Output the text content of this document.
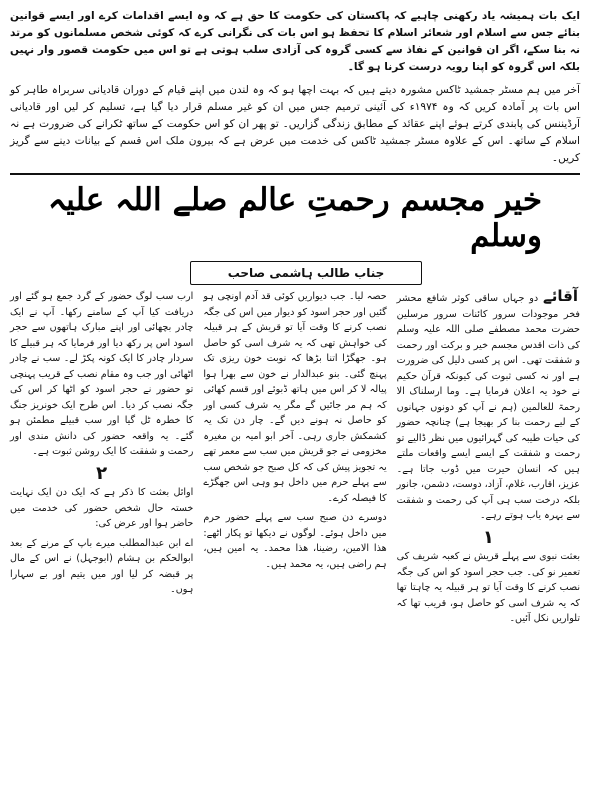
ایک بات ہمیشہ یاد رکھنی چاہیے کہ پاکستان کی حکومت کا حق ہے کہ وہ ایسے اقدامات کرے اور ایسے قوانین بنائے جس سے اسلام اور شعائر اسلام کا تحفظ ہو اس بات کی نگرانی کرے کہ کوئی شخص مسلمانوں کو مرتد نہ بنا سکے، اگر ان قوانین کے نفاذ سے کسی گروہ کی آزادی سلب ہوتی ہے تو اس میں حکومت قصور وار نہیں بلکہ اس گروہ کو اپنا رویہ درست کرنا ہو گا۔

آخر میں ہم مسٹر جمشید ٹاکس مشورہ دیتے ہیں کہ بہت اچھا ہو کہ وہ لندن میں اپنے قیام کے دوران قادیانی سربراہ طاہر کو اس بات پر آمادہ کریں کہ وہ ۱۹۷۴ء کی آئینی ترمیم جس میں ان کو غیر مسلم قرار دیا گیا ہے، تسلیم کر لیں اور قادیانی آرڈیننس کی پابندی کرتے ہوئے اپنے عقائد کے مطابق زندگی گزاریں۔ تو پھر ان کو اس حکومت کے ساتھ ٹکرانے کی ضرورت ہے نہ اسلام کے ساتھ۔ اس کے علاوہ مسٹر جمشید ٹاکس کی خدمت میں عرض ہے کہ بیرون ملک اس قسم کے بیانات دینے سے گریز کریں۔

خیر مجسم رحمتِ عالم صلے اللہ علیہ وسلم
جناب طالب ہاشمی صاحب

آقائے دو جہاں ساقی کوثر شافع محشر فخر موجودات سرور کائنات سرور مرسلین حضرت محمد مصطفے صلی اللہ علیہ وسلم کی ذات اقدس مجسم خیر و برکت اور رحمت و شفقت تھی۔ اس پر کسی دلیل کی ضرورت ہے اور نہ کسی ثبوت کی کیونکہ قرآن حکیم نے خود یہ اعلان فرمایا ہے۔ وما ارسلناک الا رحمۃ للعالمین (ہم نے آپ کو دونوں جہانوں کے لیے رحمت بنا کر بھیجا ہے) چنانچہ حضور کی حیات طیبہ کی گہرائیوں میں نظر ڈالیے تو رحمت و شفقت کے ایسے ایسے واقعات ملتے ہیں کہ انسان حیرت میں ڈوب جاتا ہے۔ عزیز، اقارب، غلام، آزاد، دوست، دشمن، جانور بلکہ درخت سب ہی آپ کی رحمت و شفقت سے بہرہ یاب ہوتے رہے۔

۱

بعثت نبوی سے پہلے قریش نے کعبہ شریف کی تعمیر نو کی۔ جب حجر اسود کو اس کی جگہ نصب کرنے کا وقت آیا تو ہر قبیلہ یہ چاہتا تھا کہ یہ شرف اسی کو حاصل ہو، قریب تھا کہ تلواریں نکل آئیں۔

حصہ لیا۔ جب دیواریں کوئی قد آدم اونچی ہو گئیں اور حجر اسود کو دیوار میں اس کی جگہ نصب کرنے کا وقت آیا تو قریش کے ہر قبیلہ کی خواہش تھی کہ یہ شرف اسی کو حاصل ہو۔ جھگڑا اتنا بڑھا کہ نوبت خون ریزی تک پہنچ گئی۔ بنو عبدالدار نے خون سے بھرا ہوا پیالہ لا کر اس میں ہاتھ ڈبوئے اور قسم کھائی کہ ہم مر جائیں گے مگر یہ شرف کسی اور کو حاصل نہ ہونے دیں گے۔ چار دن تک یہ کشمکش جاری رہی۔ آخر ابو امیہ بن مغیرہ مخزومی نے جو قریش میں سب سے معمر تھے یہ تجویز پیش کی کہ کل صبح جو شخص سب سے پہلے حرم میں داخل ہو وہی اس جھگڑے کا فیصلہ کرے۔

دوسرے دن صبح سب سے پہلے حضور حرم میں داخل ہوئے۔ لوگوں نے دیکھا تو پکار اٹھے: ھذا الامین، رضینا، ھذا محمد۔ یہ امین ہیں، ہم راضی ہیں، یہ محمد ہیں۔

ارب سب لوگ حضور کے گرد جمع ہو گئے اور دریافت کیا آپ کے سامنے رکھا۔ آپ نے ایک چادر بچھائی اور اپنے مبارک ہاتھوں سے حجر اسود اس پر رکھ دیا اور فرمایا کہ ہر قبیلے کا سردار چادر کا ایک کونہ پکڑ لے۔ سب نے چادر اٹھائی اور جب وہ مقام نصب کے قریب پہنچی تو حضور نے حجر اسود کو اٹھا کر اس کی جگہ نصب کر دیا۔ اس طرح ایک خونریز جنگ کا خطرہ ٹل گیا اور سب قبیلے مطمئن ہو گئے۔ یہ واقعہ حضور کی دانش مندی اور رحمت و شفقت کا ایک روشن ثبوت ہے۔

۲

اوائل بعثت کا ذکر ہے کہ ایک دن ایک نہایت خستہ حال شخص حضور کی خدمت میں حاضر ہوا اور عرض کی:

اے ابن عبدالمطلب میرے باپ کے مرنے کے بعد ابوالحکم بن ہشام (ابوجہل) نے اس کے مال پر قبضہ کر لیا اور میں یتیم اور بے سہارا ہوں۔
